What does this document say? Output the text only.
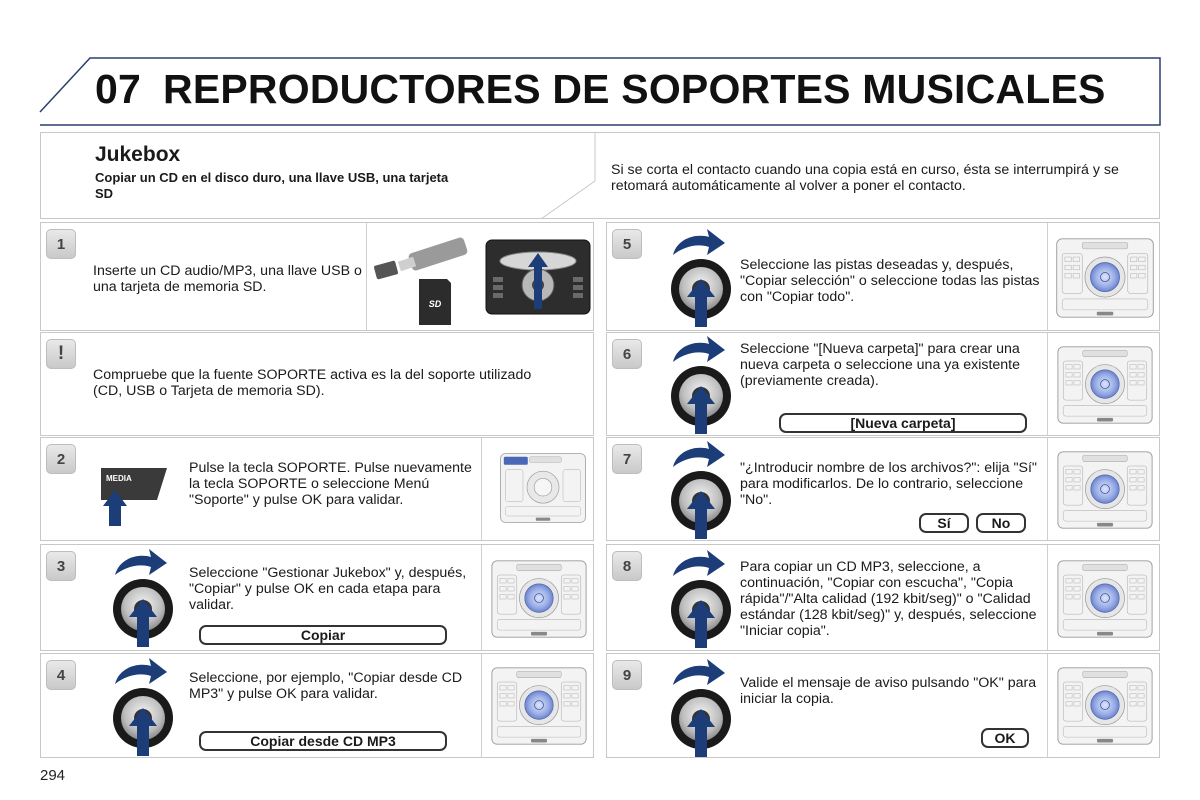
07 REPRODUCTORES DE SOPORTES MUSICALES
Jukebox
Copiar un CD en el disco duro, una llave USB, una tarjeta SD
Si se corta el contacto cuando una copia está en curso, ésta se interrumpirá y se retomará automáticamente al volver a poner el contacto.
1
Inserte un CD audio/MP3, una llave USB o una tarjeta de memoria SD.
SD
!
Compruebe que la fuente SOPORTE activa es la del soporte utilizado (CD, USB o Tarjeta de memoria SD).
2
MEDIA
Pulse la tecla SOPORTE. Pulse nuevamente la tecla SOPORTE o seleccione Menú "Soporte" y pulse OK para validar.
3	Seleccione "Gestionar Jukebox" y, después, "Copiar" y pulse OK en cada etapa para validar.
Copiar
4	Seleccione, por ejemplo, "Copiar desde CD MP3" y pulse OK para validar.
Copiar desde CD MP3
5
Seleccione las pistas deseadas y, después, "Copiar selección" o seleccione todas las pistas con "Copiar todo".
6	Seleccione "[Nueva carpeta]" para crear una nueva carpeta o seleccione una ya existente (previamente creada).
[Nueva carpeta]
7
"¿Introducir nombre de los archivos?": elija "Sí" para modificarlos. De lo contrario, seleccione "No".
Sí	No
8	Para copiar un CD MP3, seleccione, a continuación, "Copiar con escucha", "Copia rápida"/"Alta calidad (192 kbit/seg)" o "Calidad estándar (128 kbit/seg)" y, después, seleccione "Iniciar copia".
9	Valide el mensaje de aviso pulsando "OK" para iniciar la copia.
OK
294
